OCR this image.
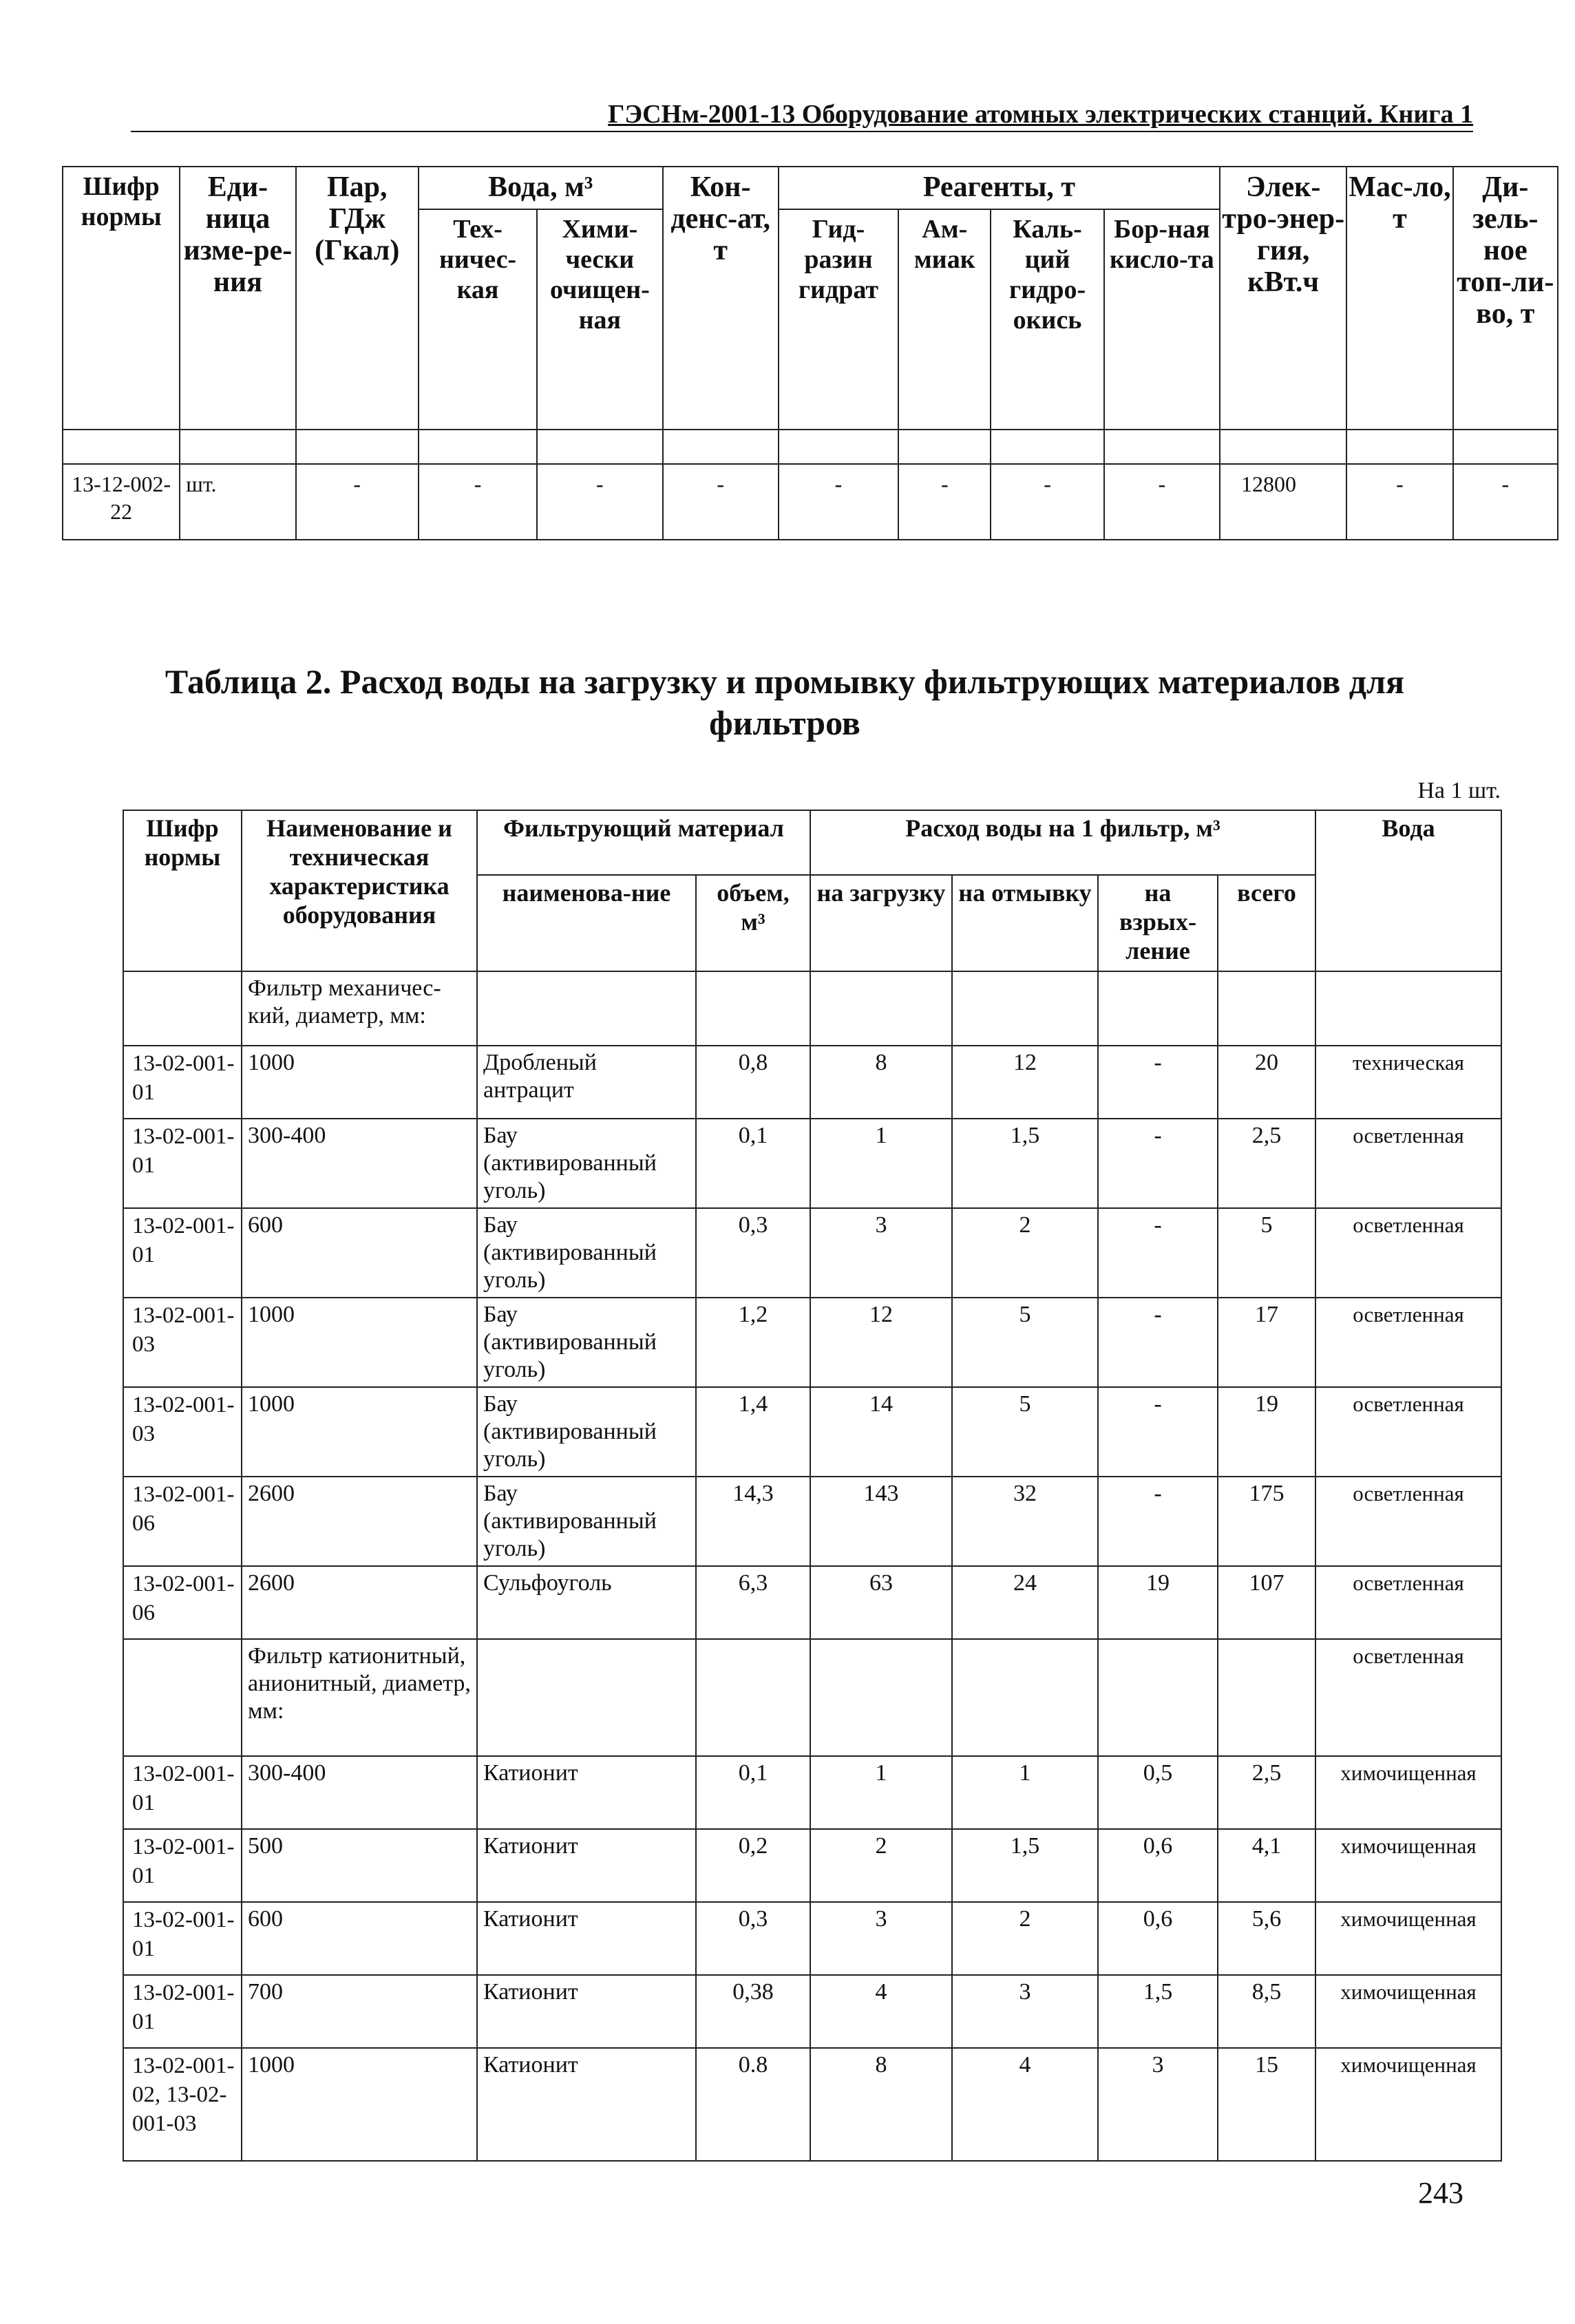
ГЭСНм-2001-13 Оборудование атомных электрических станций. Книга 1
Шифр нормы	Еди-ница изме-ре-ния	Пар, ГДж (Гкал)	Вода, м³		Кон-денс-ат, т	Реагенты, т				Элек-тро-энер-гия, кВт.ч	Мас-ло, т	Ди-зель-ное топ-ли-во, т
			Тех-ничес-кая	Хими-чески очищен-ная		Гид-разин гидрат	Ам-миак	Каль-ций гидро-окись	Бор-ная кисло-та			

13-12-002-22	шт.	-	-	-	-	-	-	-	-	12800	-	-
Таблица 2. Расход воды на загрузку и промывку фильтрующих материалов для фильтров
На 1 шт.
Шифр нормы	Наименование и техническая характеристика оборудования	Фильтрующий материал		Расход воды на 1 фильтр, м³				Вода
		наименова-ние	объем, м³	на загрузку	на отмывку	на взрых-ление	всего	
	Фильтр механичес-кий, диаметр, мм:							
13-02-001-01	1000	Дробленый антрацит	0,8	8	12	-	20	техническая
13-02-001-01	300-400	Бау (активированный уголь)	0,1	1	1,5	-	2,5	осветленная
13-02-001-01	600	Бау (активированный уголь)	0,3	3	2	-	5	осветленная
13-02-001-03	1000	Бау (активированный уголь)	1,2	12	5	-	17	осветленная
13-02-001-03	1000	Бау (активированный уголь)	1,4	14	5	-	19	осветленная
13-02-001-06	2600	Бау (активированный уголь)	14,3	143	32	-	175	осветленная
13-02-001-06	2600	Сульфоуголь	6,3	63	24	19	107	осветленная
	Фильтр катионитный, анионитный, диаметр, мм:							осветленная
13-02-001-01	300-400	Катионит	0,1	1	1	0,5	2,5	химочищенная
13-02-001-01	500	Катионит	0,2	2	1,5	0,6	4,1	химочищенная
13-02-001-01	600	Катионит	0,3	3	2	0,6	5,6	химочищенная
13-02-001-01	700	Катионит	0,38	4	3	1,5	8,5	химочищенная
13-02-001-02, 13-02-001-03	1000	Катионит	0.8	8	4	3	15	химочищенная
243
